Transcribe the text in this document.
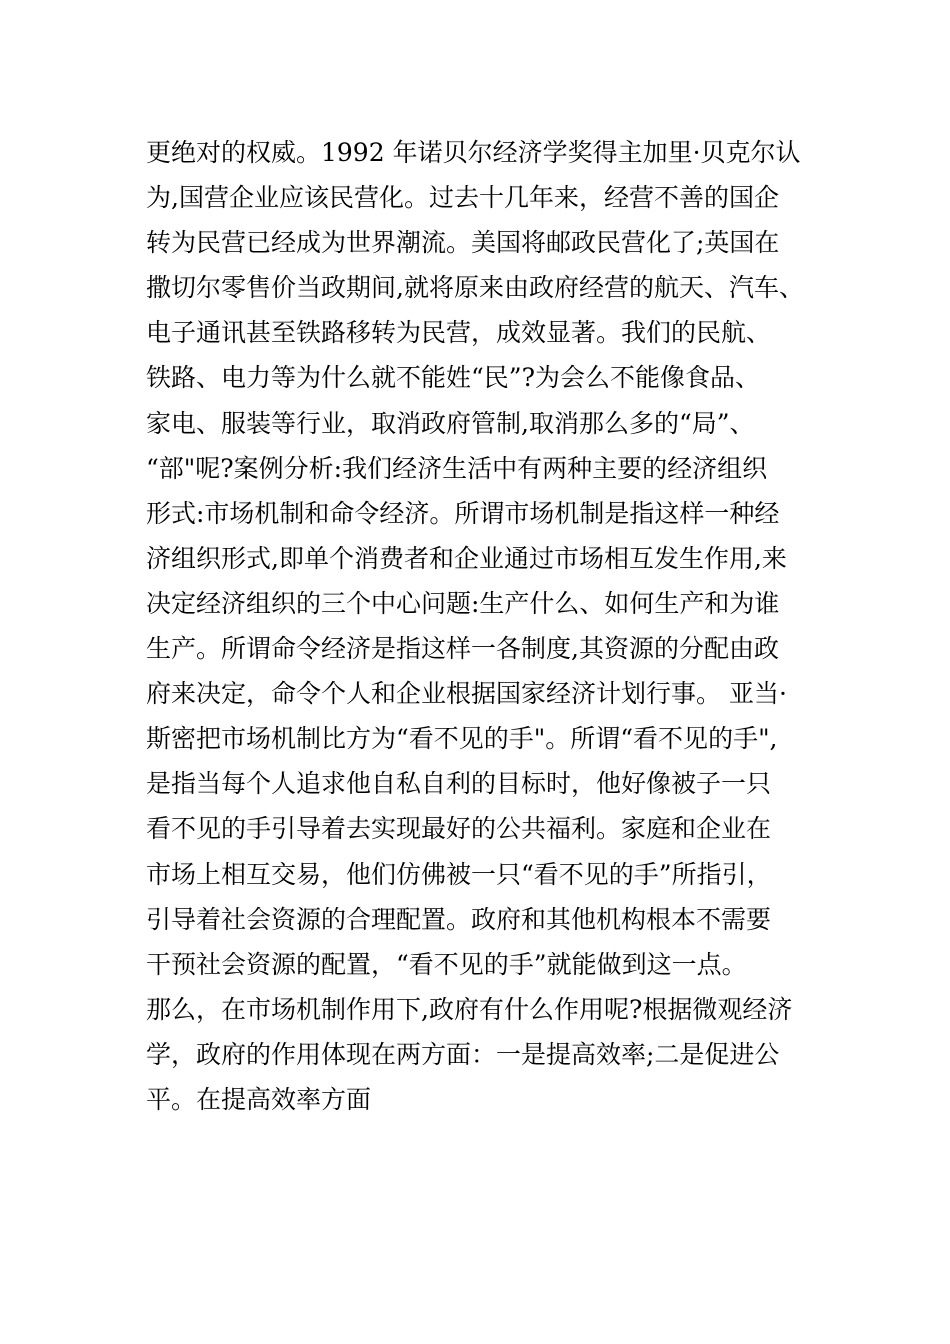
更绝对的权威。1992 年诺贝尔经济学奖得主加里·贝克尔认
为,国营企业应该民营化。过去十几年来，经营不善的国企
转为民营已经成为世界潮流。美国将邮政民营化了;英国在
撒切尔零售价当政期间,就将原来由政府经营的航天、汽车、
电子通讯甚至铁路移转为民营，成效显著。我们的民航、
铁路、电力等为什么就不能姓“民”?为会么不能像食品、
家电、服装等行业，取消政府管制,取消那么多的“局”、
“部"呢?案例分析:我们经济生活中有两种主要的经济组织
形式:市场机制和命令经济。所谓市场机制是指这样一种经
济组织形式,即单个消费者和企业通过市场相互发生作用,来
决定经济组织的三个中心问题:生产什么、如何生产和为谁
生产。所谓命令经济是指这样一各制度,其资源的分配由政
府来决定，命令个人和企业根据国家经济计划行事。 亚当·
斯密把市场机制比方为“看不见的手"。所谓“看不见的手",
是指当每个人追求他自私自利的目标时，他好像被子一只
看不见的手引导着去实现最好的公共福利。家庭和企业在
市场上相互交易，他们仿佛被一只“看不见的手”所指引，
引导着社会资源的合理配置。政府和其他机构根本不需要
干预社会资源的配置，“看不见的手”就能做到这一点。
那么，在市场机制作用下,政府有什么作用呢?根据微观经济
学，政府的作用体现在两方面：一是提高效率;二是促进公
平。在提高效率方面
